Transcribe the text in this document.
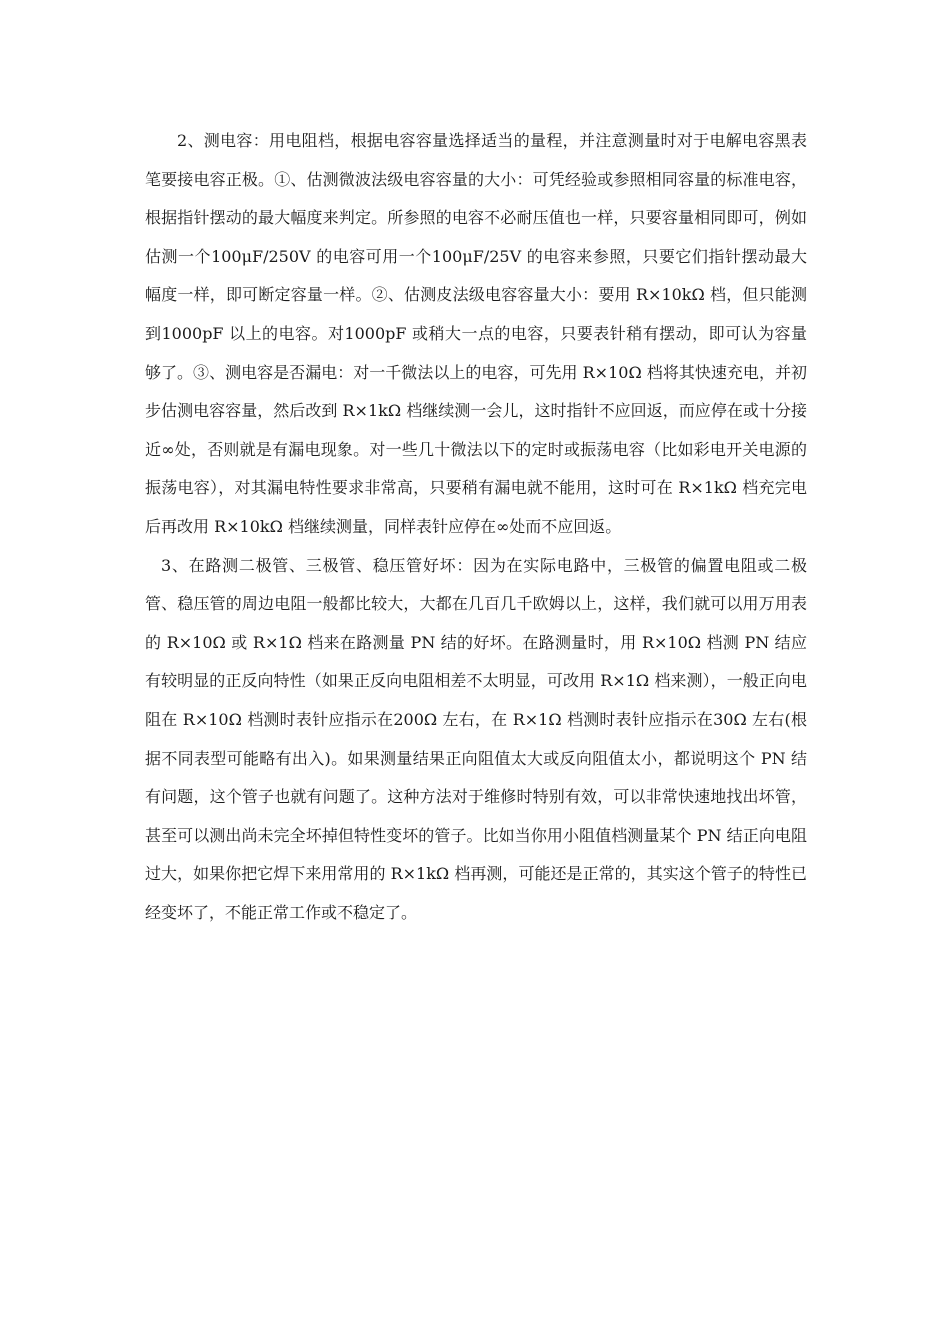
2、测电容：用电阻档，根据电容容量选择适当的量程，并注意测量时对于电解电容黑表笔要接电容正极。①、估测微波法级电容容量的大小：可凭经验或参照相同容量的标准电容，根据指针摆动的最大幅度来判定。所参照的电容不必耐压值也一样，只要容量相同即可，例如估测一个100μF/250V 的电容可用一个100μF/25V 的电容来参照，只要它们指针摆动最大幅度一样，即可断定容量一样。②、估测皮法级电容容量大小：要用 R×10kΩ 档，但只能测到1000pF 以上的电容。对1000pF 或稍大一点的电容，只要表针稍有摆动，即可认为容量够了。③、测电容是否漏电：对一千微法以上的电容，可先用 R×10Ω 档将其快速充电，并初步估测电容容量，然后改到 R×1kΩ 档继续测一会儿，这时指针不应回返，而应停在或十分接近∞处，否则就是有漏电现象。对一些几十微法以下的定时或振荡电容（比如彩电开关电源的振荡电容），对其漏电特性要求非常高，只要稍有漏电就不能用，这时可在 R×1kΩ 档充完电后再改用 R×10kΩ 档继续测量，同样表针应停在∞处而不应回返。

3、在路测二极管、三极管、稳压管好坏：因为在实际电路中，三极管的偏置电阻或二极管、稳压管的周边电阻一般都比较大，大都在几百几千欧姆以上，这样，我们就可以用万用表的 R×10Ω 或 R×1Ω 档来在路测量 PN 结的好坏。在路测量时，用 R×10Ω 档测 PN 结应有较明显的正反向特性（如果正反向电阻相差不太明显，可改用 R×1Ω 档来测），一般正向电阻在 R×10Ω 档测时表针应指示在200Ω 左右，在 R×1Ω 档测时表针应指示在30Ω 左右(根据不同表型可能略有出入)。如果测量结果正向阻值太大或反向阻值太小，都说明这个 PN 结有问题，这个管子也就有问题了。这种方法对于维修时特别有效，可以非常快速地找出坏管，甚至可以测出尚未完全坏掉但特性变坏的管子。比如当你用小阻值档测量某个 PN 结正向电阻过大，如果你把它焊下来用常用的 R×1kΩ 档再测，可能还是正常的，其实这个管子的特性已经变坏了，不能正常工作或不稳定了。
